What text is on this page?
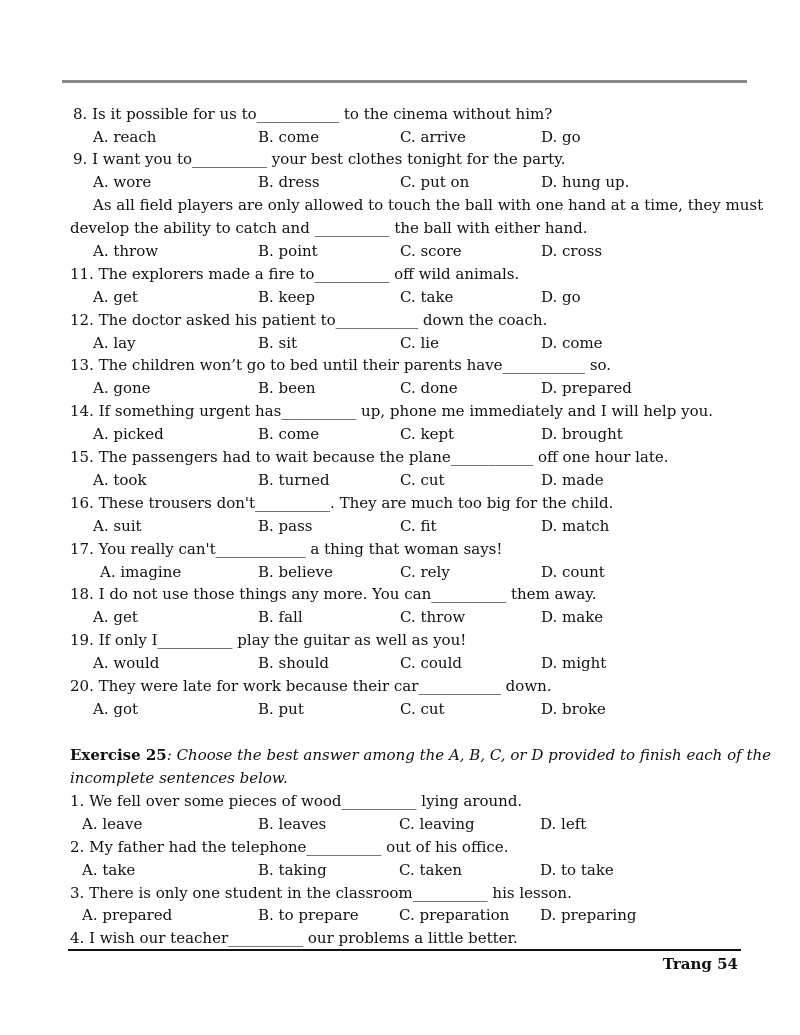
8. Is it possible for us to___________ to the cinema without him?
A. reach	B. come	C. arrive	D. go
9. I want you to__________ your best clothes tonight for the party.
A. wore	B. dress	C. put on	D. hung up.
As all field players are only allowed to touch the ball with one hand at a time, they must
develop the ability to catch and __________ the ball with either hand.
A. throw	B. point	C. score	D. cross
11. The explorers made a fire to__________ off wild animals.
A. get	B. keep	C. take	D. go
12. The doctor asked his patient to___________ down the coach.
A. lay	B. sit	C. lie	D. come
13. The children won’t go to bed until their parents have___________ so.
A. gone	B. been	C. done	D. prepared
14. If something urgent has__________ up, phone me immediately and I will help you.
A. picked	B. come	C. kept	D. brought
15. The passengers had to wait because the plane___________ off one hour late.
A. took	B. turned	C. cut	D. made
16. These trousers don't__________. They are much too big for the child.
A. suit	B. pass	C. fit	D. match
17. You really can't____________ a thing that woman says!
A. imagine	B. believe	C. rely	D. count
18. I do not use those things any more. You can__________ them away.
A. get	B. fall	C. throw	D. make
19. If only I__________ play the guitar as well as you!
A. would	B. should	C. could	D. might
20. They were late for work because their car___________ down.
A. got	B. put	C. cut	D. broke
Exercise 25: Choose the best answer among the A, B, C, or D provided to finish each of the
incomplete sentences below.
1. We fell over some pieces of wood__________ lying around.
A. leave	B. leaves	C. leaving	D. left
2. My father had the telephone__________ out of his office.
A. take	B. taking	C. taken	D. to take
3. There is only one student in the classroom__________ his lesson.
A. prepared	B. to prepare	C. preparation D. preparing
4. I wish our teacher__________ our problems a little better.
Trang 54
